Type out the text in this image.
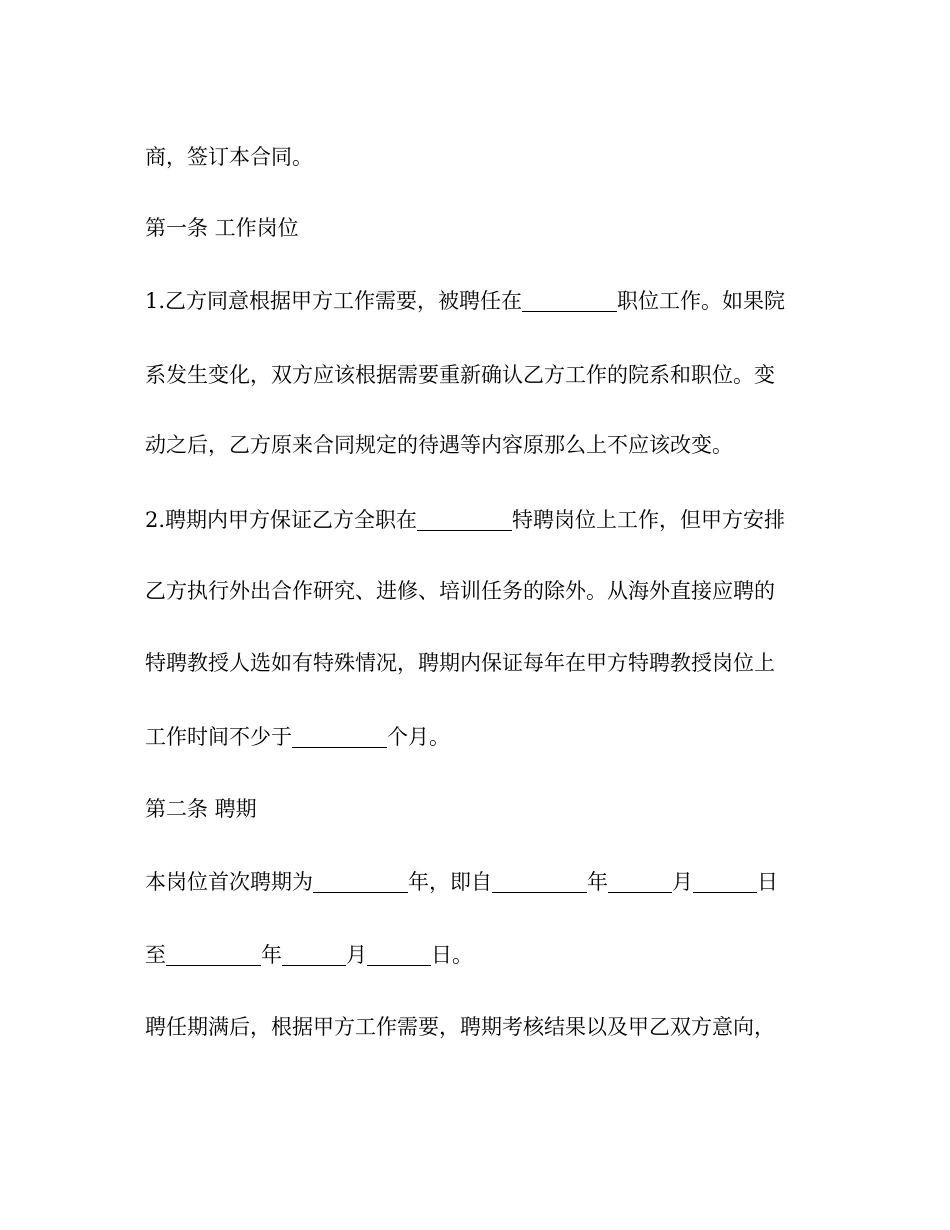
商，签订本合同。
第一条 工作岗位
1.乙方同意根据甲方工作需要，被聘任在	职位工作。如果院
系发生变化，双方应该根据需要重新确认乙方工作的院系和职位。变
动之后，乙方原来合同规定的待遇等内容原那么上不应该改变。
2.聘期内甲方保证乙方全职在	特聘岗位上工作，但甲方安排
乙方执行外出合作研究、进修、培训任务的除外。从海外直接应聘的
特聘教授人选如有特殊情况，聘期内保证每年在甲方特聘教授岗位上
工作时间不少于	个月。
第二条 聘期
本岗位首次聘期为	年，即自	年	月	日
至	年	月	日。
聘任期满后，根据甲方工作需要，聘期考核结果以及甲乙双方意向，
